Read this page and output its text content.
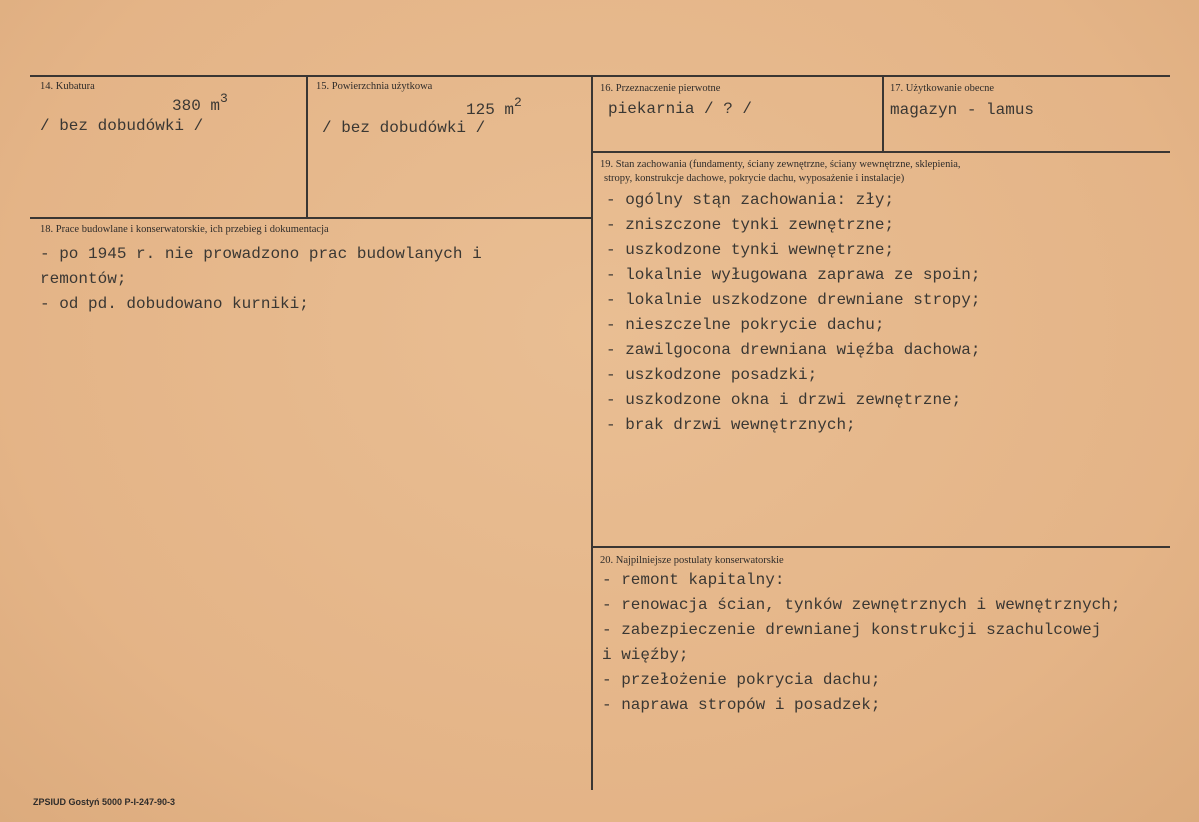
14. Kubatura
380 $m^3$
/ bez dobudówki /
15. Powierzchnia użytkowa
125 $m^2$
/ bez dobudówki /
16. Przeznaczenie pierwotne
piekarnia / ? /
17. Użytkowanie obecne
magazyn - lamus
18. Prace budowlane i konserwatorskie, ich przebieg i dokumentacja
- po 1945 r. nie prowadzono prac budowlanych i
remontów;
- od pd. dobudowano kurniki;
19. Stan zachowania (fundamenty, ściany zewnętrzne, ściany wewnętrzne, sklepienia,
stropy, konstrukcje dachowe, pokrycie dachu, wyposażenie i instalacje)
- ogólny stąn zachowania: zły;
- zniszczone tynki zewnętrzne;
- uszkodzone tynki wewnętrzne;
- lokalnie wyługowana zaprawa ze spoin;
- lokalnie uszkodzone drewniane stropy;
- nieszczelne pokrycie dachu;
- zawilgocona drewniana więźba dachowa;
- uszkodzone posadzki;
- uszkodzone okna i drzwi zewnętrzne;
- brak drzwi wewnętrznych;
20. Najpilniejsze postulaty konserwatorskie
- remont kapitalny:
- renowacja ścian, tynków zewnętrznych i wewnętrznych;
- zabezpieczenie drewnianej konstrukcji szachulcowej
i więźby;
- przełożenie pokrycia dachu;
- naprawa stropów i posadzek;
ZPSIUD Gostyń 5000 P-I-247-90-3
